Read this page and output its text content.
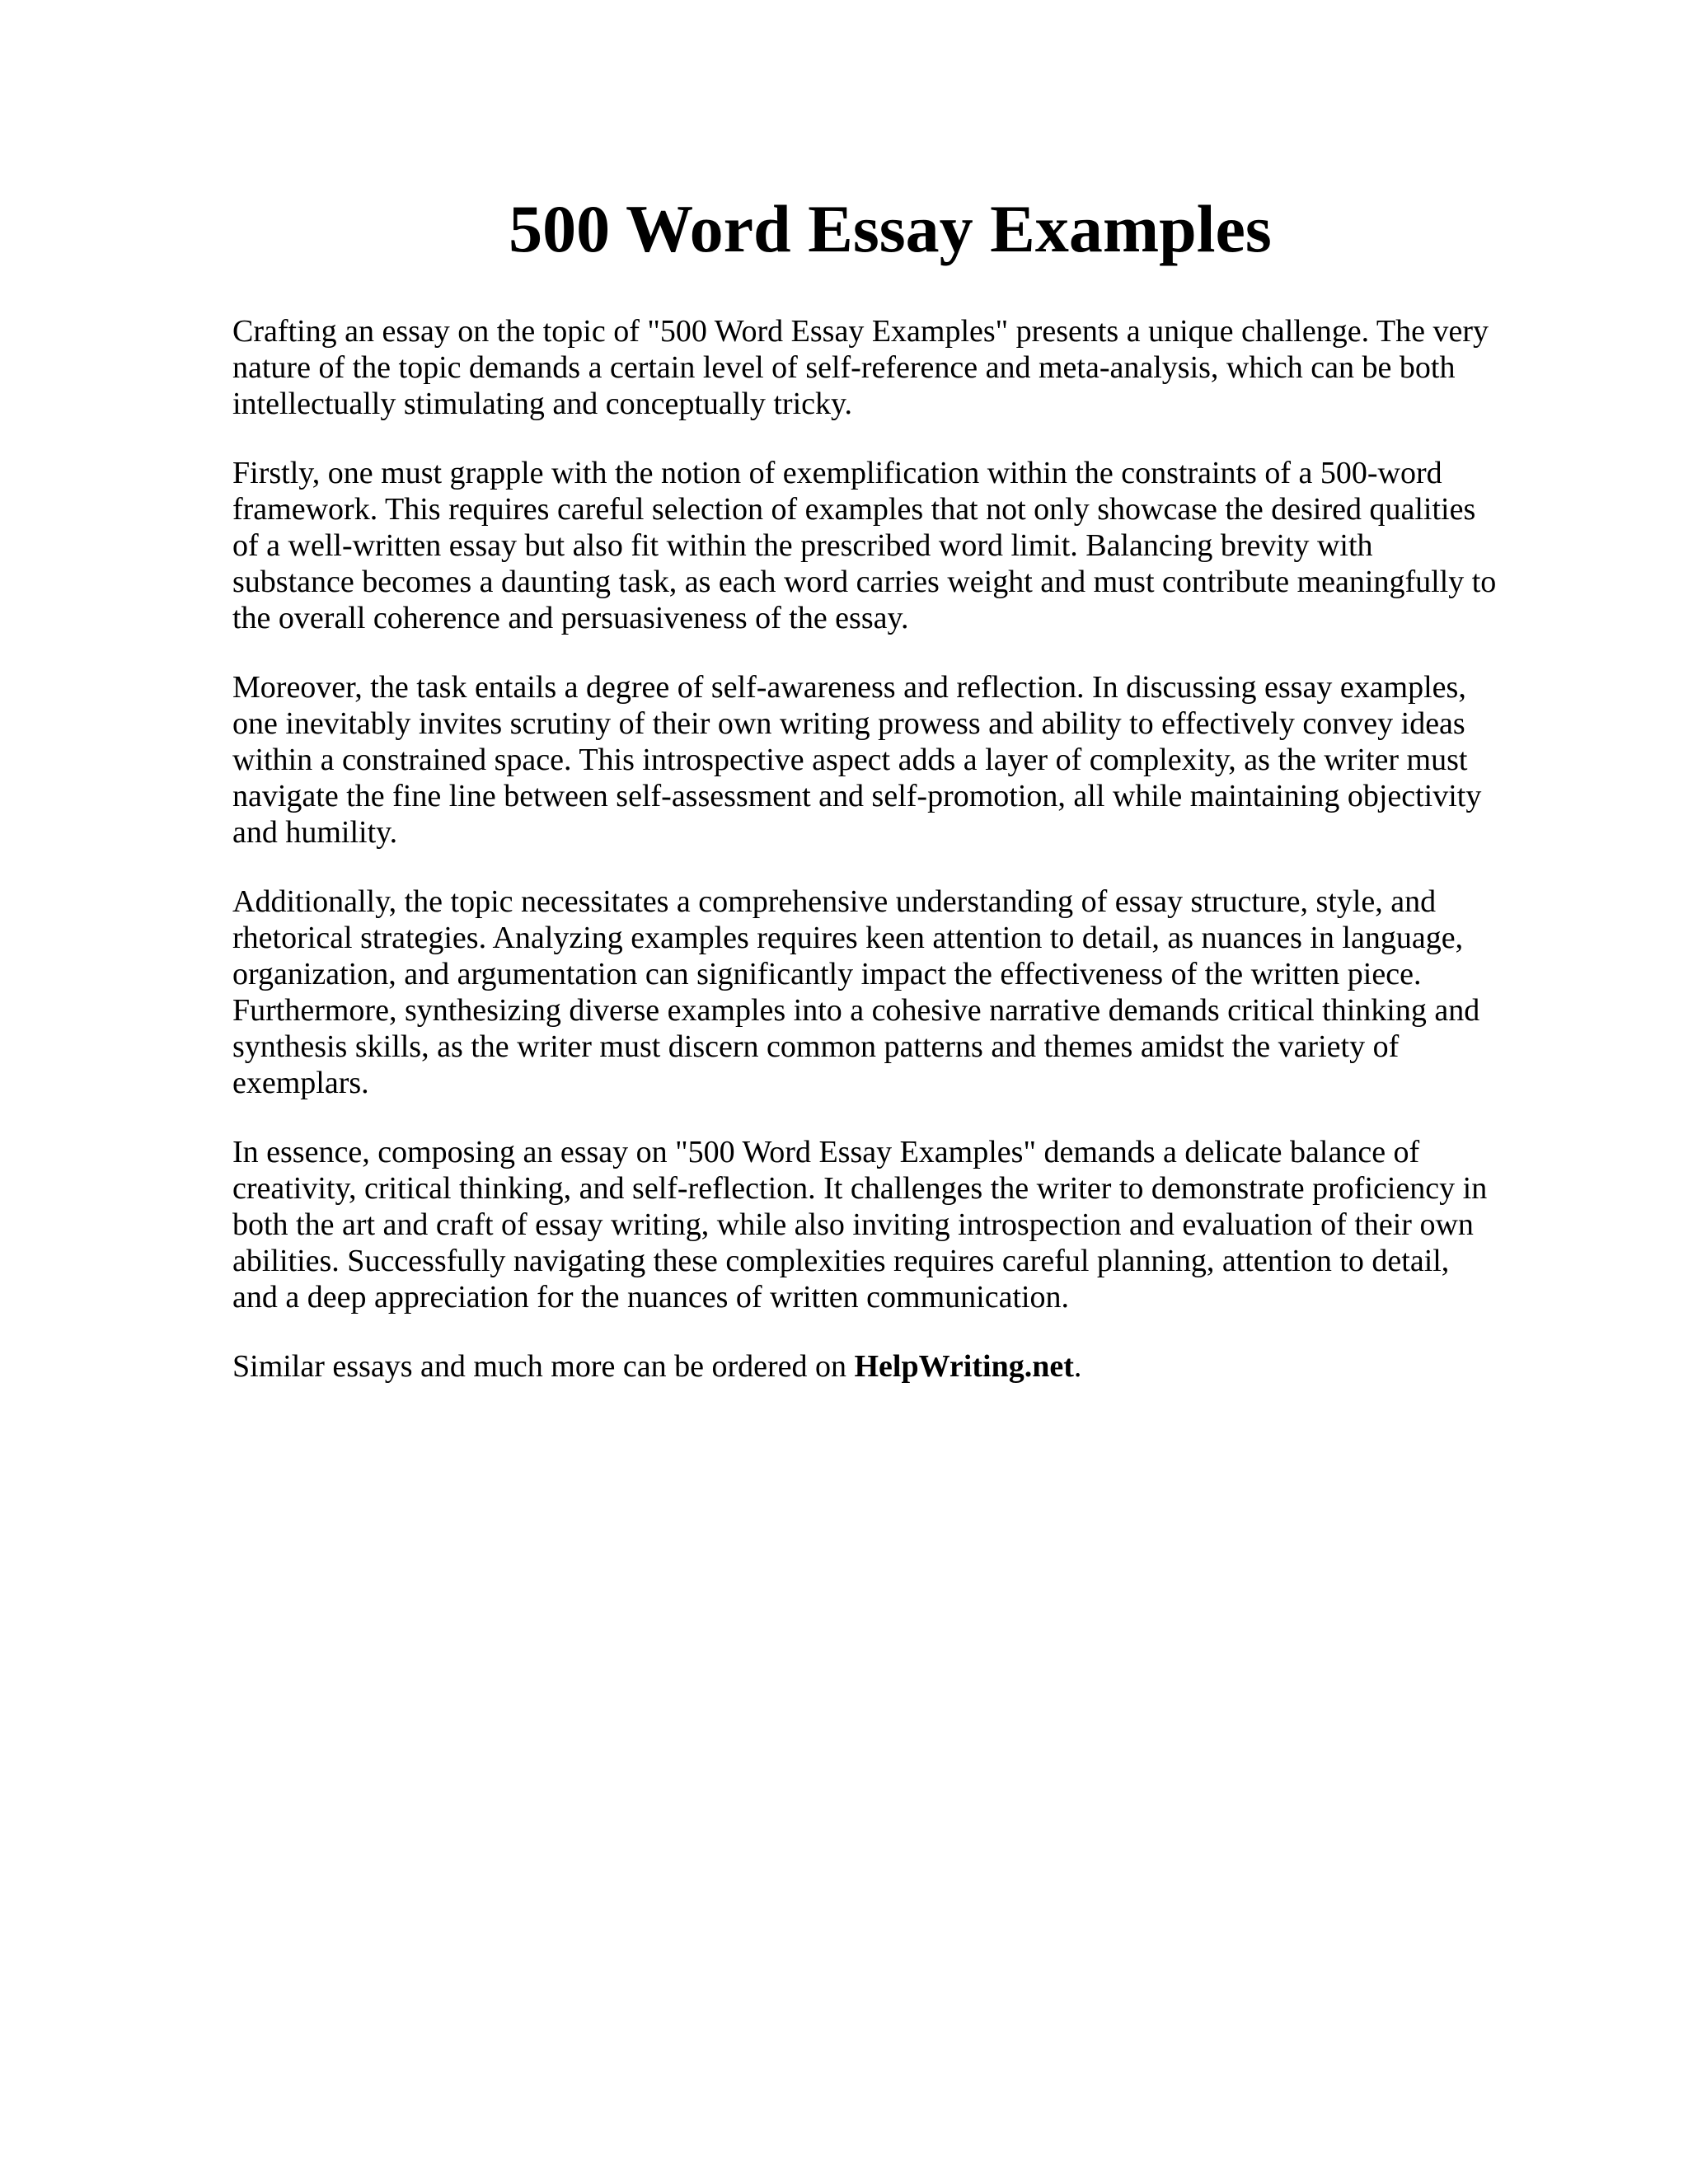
500 Word Essay Examples

Crafting an essay on the topic of "500 Word Essay Examples" presents a unique challenge. The very
nature of the topic demands a certain level of self-reference and meta-analysis, which can be both
intellectually stimulating and conceptually tricky.

Firstly, one must grapple with the notion of exemplification within the constraints of a 500-word
framework. This requires careful selection of examples that not only showcase the desired qualities
of a well-written essay but also fit within the prescribed word limit. Balancing brevity with
substance becomes a daunting task, as each word carries weight and must contribute meaningfully to
the overall coherence and persuasiveness of the essay.

Moreover, the task entails a degree of self-awareness and reflection. In discussing essay examples,
one inevitably invites scrutiny of their own writing prowess and ability to effectively convey ideas
within a constrained space. This introspective aspect adds a layer of complexity, as the writer must
navigate the fine line between self-assessment and self-promotion, all while maintaining objectivity
and humility.

Additionally, the topic necessitates a comprehensive understanding of essay structure, style, and
rhetorical strategies. Analyzing examples requires keen attention to detail, as nuances in language,
organization, and argumentation can significantly impact the effectiveness of the written piece.
Furthermore, synthesizing diverse examples into a cohesive narrative demands critical thinking and
synthesis skills, as the writer must discern common patterns and themes amidst the variety of
exemplars.

In essence, composing an essay on "500 Word Essay Examples" demands a delicate balance of
creativity, critical thinking, and self-reflection. It challenges the writer to demonstrate proficiency in
both the art and craft of essay writing, while also inviting introspection and evaluation of their own
abilities. Successfully navigating these complexities requires careful planning, attention to detail,
and a deep appreciation for the nuances of written communication.

Similar essays and much more can be ordered on HelpWriting.net.
